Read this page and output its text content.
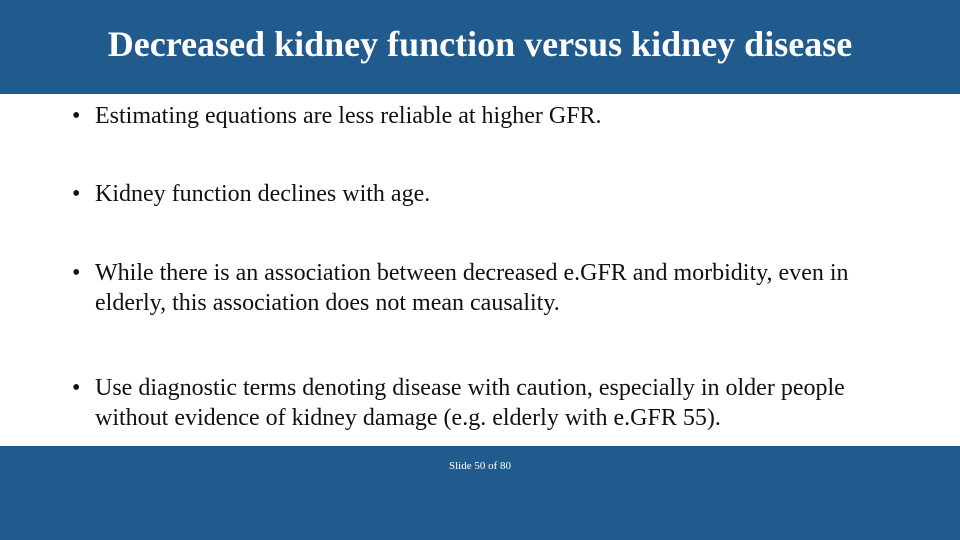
Decreased kidney function versus kidney disease
• Estimating equations are less reliable at higher GFR.
• Kidney function declines with age.
• While there is an association between decreased e.GFR and morbidity, even in elderly, this association does not mean causality.
• Use diagnostic terms denoting disease with caution, especially in older people without evidence of kidney damage (e.g. elderly with e.GFR 55).
Slide 50 of 80
